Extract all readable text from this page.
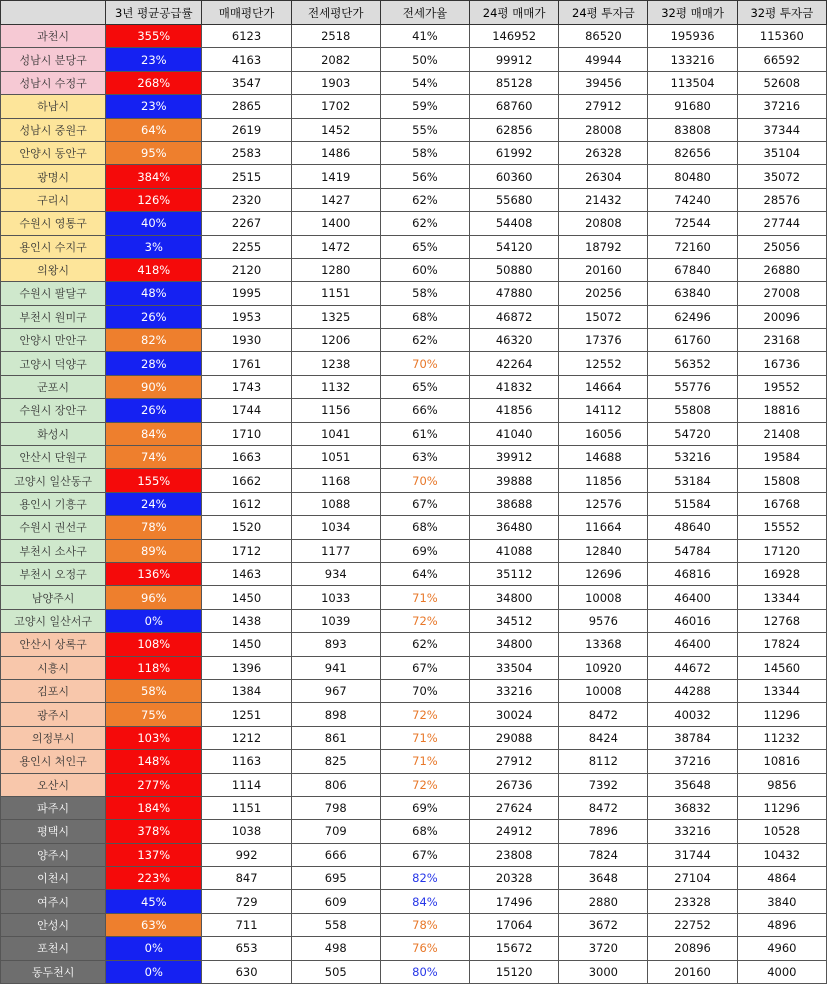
	3년 평균공급률	매매평단가	전세평단가	전세가율	24평 매매가	24평 투자금	32평 매매가	32평 투자금
과천시	355%	6123	2518	41%	146952	86520	195936	115360
성남시 분당구	23%	4163	2082	50%	99912	49944	133216	66592
성남시 수정구	268%	3547	1903	54%	85128	39456	113504	52608
하남시	23%	2865	1702	59%	68760	27912	91680	37216
성남시 중원구	64%	2619	1452	55%	62856	28008	83808	37344
안양시 동안구	95%	2583	1486	58%	61992	26328	82656	35104
광명시	384%	2515	1419	56%	60360	26304	80480	35072
구리시	126%	2320	1427	62%	55680	21432	74240	28576
수원시 영통구	40%	2267	1400	62%	54408	20808	72544	27744
용인시 수지구	3%	2255	1472	65%	54120	18792	72160	25056
의왕시	418%	2120	1280	60%	50880	20160	67840	26880
수원시 팔달구	48%	1995	1151	58%	47880	20256	63840	27008
부천시 원미구	26%	1953	1325	68%	46872	15072	62496	20096
안양시 만안구	82%	1930	1206	62%	46320	17376	61760	23168
고양시 덕양구	28%	1761	1238	70%	42264	12552	56352	16736
군포시	90%	1743	1132	65%	41832	14664	55776	19552
수원시 장안구	26%	1744	1156	66%	41856	14112	55808	18816
화성시	84%	1710	1041	61%	41040	16056	54720	21408
안산시 단원구	74%	1663	1051	63%	39912	14688	53216	19584
고양시 일산동구	155%	1662	1168	70%	39888	11856	53184	15808
용인시 기흥구	24%	1612	1088	67%	38688	12576	51584	16768
수원시 권선구	78%	1520	1034	68%	36480	11664	48640	15552
부천시 소사구	89%	1712	1177	69%	41088	12840	54784	17120
부천시 오정구	136%	1463	934	64%	35112	12696	46816	16928
남양주시	96%	1450	1033	71%	34800	10008	46400	13344
고양시 일산서구	0%	1438	1039	72%	34512	9576	46016	12768
안산시 상록구	108%	1450	893	62%	34800	13368	46400	17824
시흥시	118%	1396	941	67%	33504	10920	44672	14560
김포시	58%	1384	967	70%	33216	10008	44288	13344
광주시	75%	1251	898	72%	30024	8472	40032	11296
의정부시	103%	1212	861	71%	29088	8424	38784	11232
용인시 처인구	148%	1163	825	71%	27912	8112	37216	10816
오산시	277%	1114	806	72%	26736	7392	35648	9856
파주시	184%	1151	798	69%	27624	8472	36832	11296
평택시	378%	1038	709	68%	24912	7896	33216	10528
양주시	137%	992	666	67%	23808	7824	31744	10432
이천시	223%	847	695	82%	20328	3648	27104	4864
여주시	45%	729	609	84%	17496	2880	23328	3840
안성시	63%	711	558	78%	17064	3672	22752	4896
포천시	0%	653	498	76%	15672	3720	20896	4960
동두천시	0%	630	505	80%	15120	3000	20160	4000
